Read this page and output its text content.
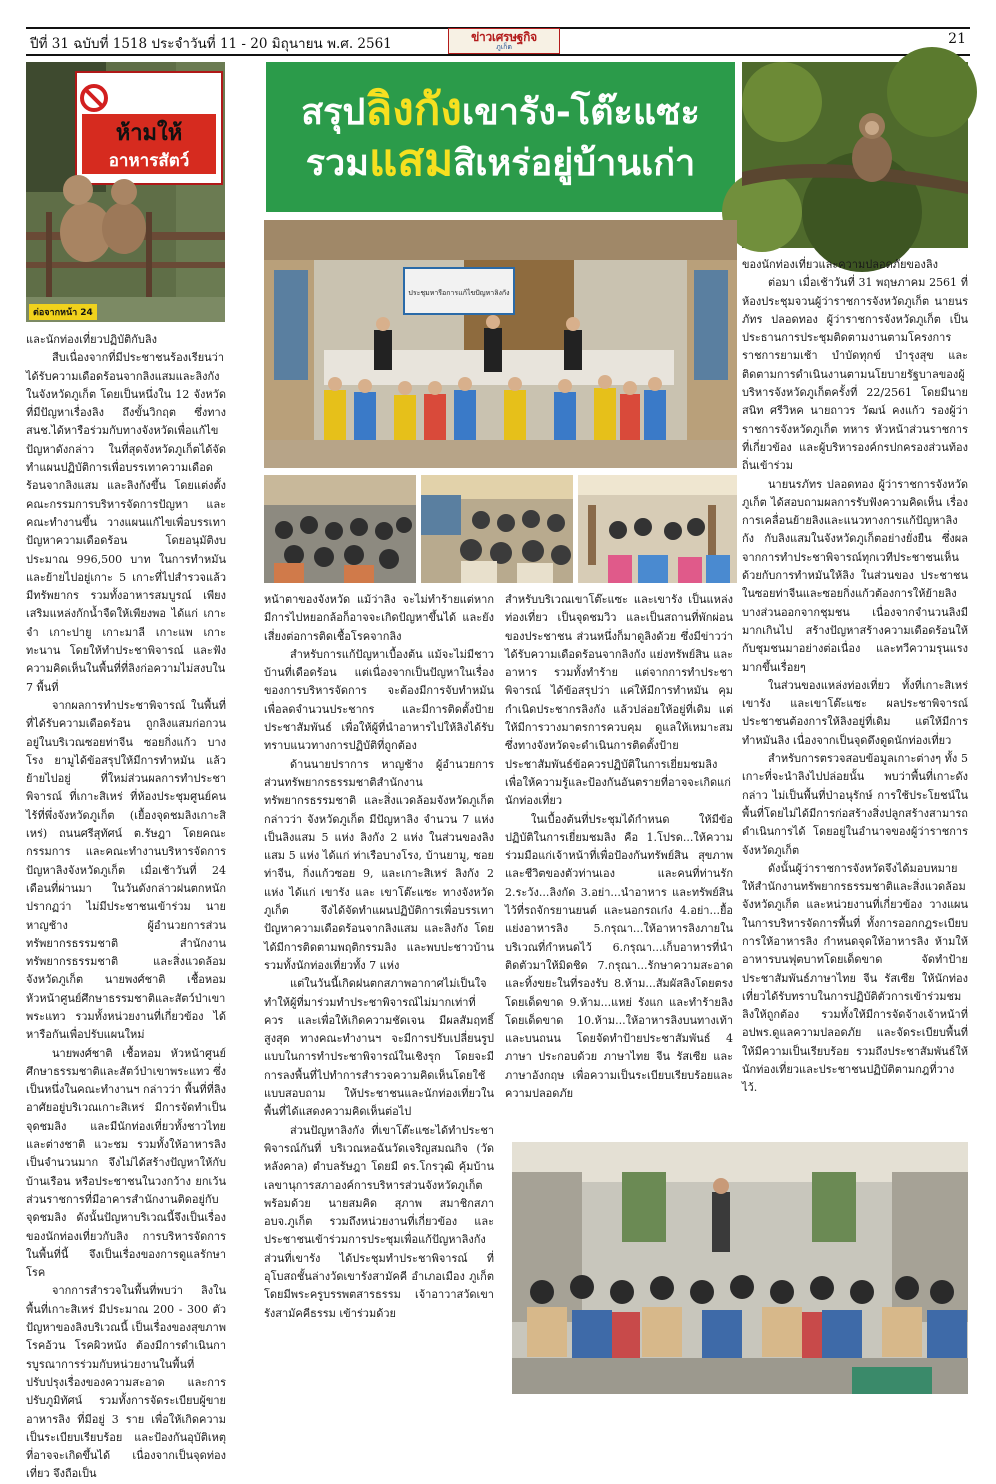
ปีที่ 31 ฉบับที่ 1518 ประจำวันที่ 11 - 20 มิถุนายน พ.ศ. 2561	ข่าวเศรษฐกิจ
ภูเก็ต	21
ห้ามให้
อาหารสัตว์
ต่อจากหน้า 24
สรุปลิงกังเขารัง-โต๊ะแซะ
รวมแสมสิเหร่อยู่บ้านเก่า
ประชุมหารือการแก้ไขปัญหาลิงกัง

และนักท่องเที่ยวปฏิบัติกับลิง

สืบเนื่องจากที่มีประชาชนร้องเรียนว่าได้รับความเดือดร้อนจากลิงแสมและลิงกังในจังหวัดภูเก็ต โดยเป็นหนึ่งใน 12 จังหวัด ที่มีปัญหาเรื่องลิง ถึงขั้นวิกฤต ซึ่งทาง สนช.ได้หารือร่วมกับทางจังหวัดเพื่อแก้ไขปัญหาดังกล่าว ในที่สุดจังหวัดภูเก็ตได้จัดทำแผนปฏิบัติการเพื่อบรรเทาความเดือดร้อนจากลิงแสม และลิงกังขึ้น โดยแต่งตั้งคณะกรรมการบริหารจัดการปัญหา และคณะทำงานขึ้น วางแผนแก้ไขเพื่อบรรเทาปัญหาความเดือดร้อน โดยอนุมัติงบประมาณ 996,500 บาท ในการทำหมัน และย้ายไปอยู่เกาะ 5 เกาะที่ไปสำรวจแล้ว มีทรัพยากร รวมทั้งอาหารสมบูรณ์ เพียงเสริมแหล่งกักน้ำจืดให้เพียงพอ ได้แก่ เกาะจำ เกาะปายู เกาะมาลี เกาะแพ เกาะทะนาน โดยให้ทำประชาพิจารณ์ และฟังความคิดเห็นในพื้นที่ที่ลิงก่อความไม่สงบใน 7 พื้นที่

จากผลการทำประชาพิจารณ์ ในพื้นที่ที่ได้รับความเดือดร้อน ถูกลิงแสมก่อกวนอยู่ในบริเวณซอยท่าจีน ซอยกิ่งแก้ว บางโรง ยามูได้ข้อสรุปให้มีการทำหมัน แล้วย้ายไปอยู่ ที่ใหม่ส่วนผลการทำประชาพิจารณ์ ที่เกาะสิเหร่ ที่ห้องประชุมศูนย์คนไร้ที่พึ่งจังหวัดภูเก็ต (เยื้องจุดชมลิงเกาะสิเหร่) ถนนศรีสุทัศน์ ต.รัษฎา โดยคณะกรรมการ และคณะทำงานบริหารจัดการปัญหาลิงจังหวัดภูเก็ต เมื่อเช้าวันที่ 24 เดือนที่ผ่านมา ในวันดังกล่าวฝนตกหนัก ปรากฏว่า ไม่มีประชาชนเข้าร่วม นาย หาญช้าง ผู้อำนวยการส่วนทรัพยากรธรรมชาติ สำนักงานทรัพยากรธรรมชาติ และสิ่งแวดล้อมจังหวัดภูเก็ต นายพงศ์ชาติ เชื้อหอม หัวหน้าศูนย์ศึกษาธรรมชาติและสัตว์ป่าเขาพระแทว รวมทั้งหน่วยงานที่เกี่ยวข้อง ได้หารือกันเพื่อปรับแผนใหม่

นายพงศ์ชาติ เชื้อหอม หัวหน้าศูนย์ศึกษาธรรมชาติและสัตว์ป่าเขาพระแทว ซึ่งเป็นหนึ่งในคณะทำงานฯ กล่าวว่า พื้นที่ที่ลิงอาศัยอยู่บริเวณเกาะสิเหร่ มีการจัดทำเป็นจุดชมลิง และมีนักท่องเที่ยวทั้งชาวไทย และต่างชาติ แวะชม รวมทั้งให้อาหารลิงเป็นจำนวนมาก จึงไม่ได้สร้างปัญหาให้กับบ้านเรือน หรือประชาชนในวงกว้าง ยกเว้นส่วนราชการที่มีอาคารสำนักงานติดอยู่กับจุดชมลิง ดังนั้นปัญหาบริเวณนี้จึงเป็นเรื่องของนักท่องเที่ยวกับลิง การบริหารจัดการในพื้นที่นี้ จึงเป็นเรื่องของการดูแลรักษาโรค

จากการสำรวจในพื้นที่พบว่า ลิงในพื้นที่เกาะสิเหร่ มีประมาณ 200 - 300 ตัว ปัญหาของลิงบริเวณนี้ เป็นเรื่องของสุขภาพ โรคอ้วน โรคผิวหนัง ต้องมีการดำเนินการบูรณาการร่วมกับหน่วยงานในพื้นที่ ปรับปรุงเรื่องของความสะอาด และการปรับภูมิทัศน์ รวมทั้งการจัดระเบียบผู้ขายอาหารลิง ที่มีอยู่ 3 ราย เพื่อให้เกิดความเป็นระเบียบเรียบร้อย และป้องกันอุบัติเหตุ ที่อาจจะเกิดขึ้นได้ เนื่องจากเป็นจุดท่องเที่ยว จึงถือเป็น

หน้าตาของจังหวัด แม้ว่าลิง จะไม่ทำร้ายแต่หากมีการไปหยอกล้อก็อาจจะเกิดปัญหาขึ้นได้ และยังเสี่ยงต่อการติดเชื้อโรคจากลิง

สำหรับการแก้ปัญหาเบื้องต้น แม้จะไม่มีชาวบ้านที่เดือดร้อน แต่เนื่องจากเป็นปัญหาในเรื่องของการบริหารจัดการ จะต้องมีการจับทำหมัน เพื่อลดจำนวนประชากร และมีการติดตั้งป้ายประชาสัมพันธ์ เพื่อให้ผู้ที่นำอาหารไปให้ลิงได้รับทราบแนวทางการปฏิบัติที่ถูกต้อง

ด้านนายปราการ หาญช้าง ผู้อำนวยการส่วนทรัพยากรธรรมชาติสำนักงานทรัพยากรธรรมชาติ และสิ่งแวดล้อมจังหวัดภูเก็ต กล่าวว่า จังหวัดภูเก็ต มีปัญหาลิง จำนวน 7 แห่ง เป็นลิงแสม 5 แห่ง ลิงกัง 2 แห่ง ในส่วนของลิงแสม 5 แห่ง ได้แก่ ท่าเรือบางโรง, บ้านยามู, ซอยท่าจีน, กิ่งแก้วซอย 9, และเกาะสิเหร่ ลิงกัง 2 แห่ง ได้แก่ เขารัง และ เขาโต๊ะแซะ ทางจังหวัดภูเก็ต จึงได้จัดทำแผนปฏิบัติการเพื่อบรรเทาปัญหาความเดือดร้อนจากลิงแสม และลิงกัง โดยได้มีการติดตามพฤติกรรมลิง และพบปะชาวบ้าน รวมทั้งนักท่องเที่ยวทั้ง 7 แห่ง

แต่ในวันนี้เกิดฝนตกสภาพอากาศไม่เป็นใจ ทำให้ผู้ที่มาร่วมทำประชาพิจารณ์ไม่มากเท่าที่ควร และเพื่อให้เกิดความชัดเจน มีผลสัมฤทธิ์สูงสุด ทางคณะทำงานฯ จะมีการปรับเปลี่ยนรูปแบบในการทำประชาพิจารณ์ในเชิงรุก โดยจะมีการลงพื้นที่ไปทำการสำรวจความคิดเห็นโดยใช้แบบสอบถาม ให้ประชาชนและนักท่องเที่ยวในพื้นที่ได้แสดงความคิดเห็นต่อไป

ส่วนปัญหาลิงกัง ที่เขาโต๊ะแซะได้ทำประชาพิจารณ์กันที่ บริเวณหอฉันวัดเจริญสมณกิจ (วัดหลังคาล) ตำบลรัษฎา โดยมี ดร.โกรวุฒิ คุ้มบ้าน เลขานุการสภาองค์การบริหารส่วนจังหวัดภูเก็ต พร้อมด้วย นายสมคิด สุภาพ สมาชิกสภา อบจ.ภูเก็ต รวมถึงหน่วยงานที่เกี่ยวข้อง และประชาชนเข้าร่วมการประชุมเพื่อแก้ปัญหาลิงกัง ส่วนที่เขารัง ได้ประชุมทำประชาพิจารณ์ ที่อุโบสถชั้นล่างวัดเขารังสามัคคี อำเภอเมือง ภูเก็ต โดยมีพระครูบรรพตสารธรรม เจ้าอาวาสวัดเขารังสามัคคีธรรม เข้าร่วมด้วย

สำหรับบริเวณเขาโต๊ะแซะ และเขารัง เป็นแหล่งท่องเที่ยว เป็นจุดชมวิว และเป็นสถานที่พักผ่อนของประชาชน ส่วนหนึ่งก็มาดูลิงด้วย ซึ่งมีข่าวว่าได้รับความเดือดร้อนจากลิงกัง แย่งทรัพย์สิน และอาหาร รวมทั้งทำร้าย แต่จากการทำประชาพิจารณ์ ได้ข้อสรุปว่า แค่ให้มีการทำหมัน คุมกำเนิดประชากรลิงกัง แล้วปล่อยให้อยู่ที่เดิม แต่ให้มีการวางมาตรการควบคุม ดูแลให้เหมาะสม ซึ่งทางจังหวัดจะดำเนินการติดตั้งป้ายประชาสัมพันธ์ข้อควรปฏิบัติในการเยี่ยมชมลิง เพื่อให้ความรู้และป้องกันอันตรายที่อาจจะเกิดแก่นักท่องเที่ยว

ในเบื้องต้นที่ประชุมได้กำหนด ให้มีข้อปฏิบัติในการเยี่ยมชมลิง คือ 1.โปรด...ให้ความร่วมมือแก่เจ้าหน้าที่เพื่อป้องกันทรัพย์สิน สุขภาพ และชีวิตของตัวท่านเอง และคนที่ท่านรัก 2.ระวัง...ลิงกัด 3.อย่า...นำอาหาร และทรัพย์สินไว้ที่รถจักรยานยนต์ และนอกรถเก๋ง 4.อย่า...ยื้อแย่งอาหารลิง 5.กรุณา...ให้อาหารลิงภายในบริเวณที่กำหนดไว้ 6.กรุณา...เก็บอาหารที่นำติดตัวมาให้มิดชิด 7.กรุณา...รักษาความสะอาดและทิ้งขยะในที่รองรับ 8.ห้าม...สัมผัสลิงโดยตรงโดยเด็ดขาด 9.ห้าม...แหย่ รังแก และทำร้ายลิงโดยเด็ดขาด 10.ห้าม...ให้อาหารลิงบนทางเท้าและบนถนน โดยจัดทำป้ายประชาสัมพันธ์ 4 ภาษา ประกอบด้วย ภาษาไทย จีน รัสเซีย และภาษาอังกฤษ เพื่อความเป็นระเบียบเรียบร้อยและความปลอดภัย

ของนักท่องเที่ยวและความปลอดภัยของลิง

ต่อมา เมื่อเช้าวันที่ 31 พฤษภาคม 2561 ที่ห้องประชุมจวนผู้ว่าราชการจังหวัดภูเก็ต นายนรภัทร ปลอดทอง ผู้ว่าราชการจังหวัดภูเก็ต เป็นประธานการประชุมติดตามงานตามโครงการราชการยามเช้า บำบัดทุกข์ บำรุงสุข และติดตามการดำเนินงานตามนโยบายรัฐบาลของผู้บริหารจังหวัดภูเก็ตครั้งที่ 22/2561 โดยมีนายสนิท ศรีวิหค นายถาวร วัฒน์ คงแก้ว รองผู้ว่าราชการจังหวัดภูเก็ต ทหาร หัวหน้าส่วนราชการที่เกี่ยวข้อง และผู้บริหารองค์กรปกครองส่วนท้องถิ่นเข้าร่วม

นายนรภัทร ปลอดทอง ผู้ว่าราชการจังหวัดภูเก็ต ได้สอบถามผลการรับฟังความคิดเห็น เรื่องการเคลื่อนย้ายลิงและแนวทางการแก้ปัญหาลิงกัง กับลิงแสมในจังหวัดภูเก็ตอย่างยั่งยืน ซึ่งผลจากการทำประชาพิจารณ์ทุกเวทีประชาชนเห็นด้วยกับการทำหมันให้ลิง ในส่วนของ ประชาชนในซอยท่าจีนและซอยกิ่งแก้วต้องการให้ย้ายลิงบางส่วนออกจากชุมชน เนื่องจากจำนวนลิงมีมากเกินไป สร้างปัญหาสร้างความเดือดร้อนให้กับชุมชนมาอย่างต่อเนื่อง และทวีความรุนแรงมากขึ้นเรื่อยๆ

ในส่วนของแหล่งท่องเที่ยว ทั้งที่เกาะสิเหร่ เขารัง และเขาโต๊ะแซะ ผลประชาพิจารณ์ ประชาชนต้องการให้ลิงอยู่ที่เดิม แต่ให้มีการทำหมันลิง เนื่องจากเป็นจุดดึงดูดนักท่องเที่ยว

สำหรับการตรวจสอบข้อมูลเกาะต่างๆ ทั้ง 5 เกาะที่จะนำลิงไปปล่อยนั้น พบว่าพื้นที่เกาะดังกล่าว ไม่เป็นพื้นที่ป่าอนุรักษ์ การใช้ประโยชน์ในพื้นที่โดยไม่ได้มีการก่อสร้างสิ่งปลูกสร้างสามารถดำเนินการได้ โดยอยู่ในอำนาจของผู้ว่าราชการจังหวัดภูเก็ต

ดังนั้นผู้ว่าราชการจังหวัดจึงได้มอบหมายให้สำนักงานทรัพยากรธรรมชาติและสิ่งแวดล้อมจังหวัดภูเก็ต และหน่วยงานที่เกี่ยวข้อง วางแผนในการบริหารจัดการพื้นที่ ทั้งการออกกฎระเบียบการให้อาหารลิง กำหนดจุดให้อาหารลิง ห้ามให้อาหารบนฟุตบาทโดยเด็ดขาด จัดทำป้ายประชาสัมพันธ์ภาษาไทย จีน รัสเซีย ให้นักท่องเที่ยวได้รับทราบในการปฏิบัติตัวการเข้าร่วมชมลิงให้ถูกต้อง รวมทั้งให้มีการจัดจ้างเจ้าหน้าที่ อปพร.ดูแลความปลอดภัย และจัดระเบียบพื้นที่ให้มีความเป็นเรียบร้อย รวมถึงประชาสัมพันธ์ให้นักท่องเที่ยวและประชาชนปฏิบัติตามกฎที่วางไว้.
